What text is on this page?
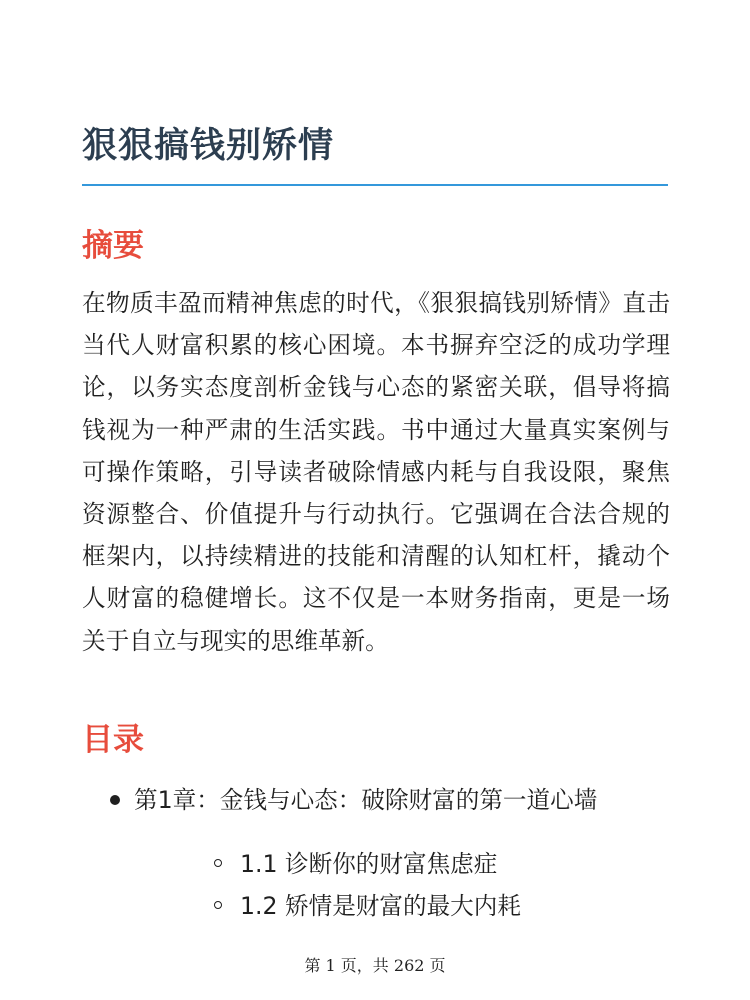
狠狠搞钱别矫情
摘要

在物质丰盈而精神焦虑的时代，《狠狠搞钱别矫情》直击当代人财富积累的核心困境。本书摒弃空泛的成功学理论，以务实态度剖析金钱与心态的紧密关联，倡导将搞钱视为一种严肃的生活实践。书中通过大量真实案例与可操作策略，引导读者破除情感内耗与自我设限，聚焦资源整合、价值提升与行动执行。它强调在合法合规的框架内，以持续精进的技能和清醒的认知杠杆，撬动个人财富的稳健增长。这不仅是一本财务指南，更是一场关于自立与现实的思维革新。

目录
第1章：金钱与心态：破除财富的第一道心墙
1.1 诊断你的财富焦虑症
1.2 矫情是财富的最大内耗
第 1 页，共 262 页
